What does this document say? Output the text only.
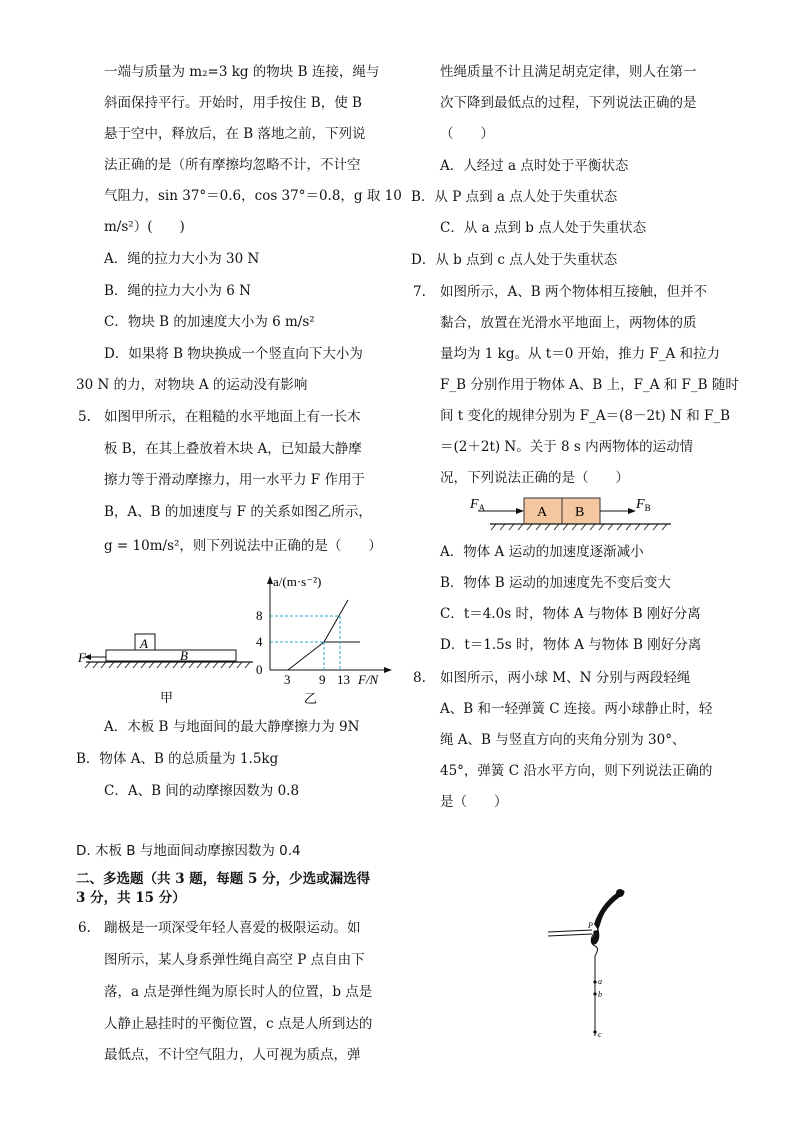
一端与质量为 m₂=3 kg 的物块 B 连接，绳与
斜面保持平行。开始时，用手按住 B，使 B
悬于空中，释放后，在 B 落地之前，下列说
法正确的是（所有摩擦均忽略不计，不计空
气阻力，sin 37°＝0.6，cos 37°＝0.8，g 取 10
m/s²）(　　)
A．绳的拉力大小为 30 N
B．绳的拉力大小为 6 N
C．物块 B 的加速度大小为 6 m/s²
D．如果将 B 物块换成一个竖直向下大小为
30 N 的力，对物块 A 的运动没有影响
5. 如图甲所示，在粗糙的水平地面上有一长木
板 B，在其上叠放着木块 A，已知最大静摩
擦力等于滑动摩擦力，用一水平力 F 作用于
B，A、B 的加速度与 F 的关系如图乙所示，
g = 10m/s²，则下列说法中正确的是（　　）
A
B
F
甲
a/(m·s⁻²)
F/N
8
4
0
3 9 13
乙
A．木板 B 与地面间的最大静摩擦力为 9N
B．物体 A、B 的总质量为 1.5kg
C．A、B 间的动摩擦因数为 0.8
D. 木板 B 与地面间动摩擦因数为 0.4
二、多选题（共 3 题，每题 5 分，少选或漏选得
3 分，共 15 分）
6. 蹦极是一项深受年轻人喜爱的极限运动。如
图所示，某人身系弹性绳自高空 P 点自由下
落，a 点是弹性绳为原长时人的位置，b 点是
人静止悬挂时的平衡位置，c 点是人所到达的
最低点，不计空气阻力，人可视为质点，弹
性绳质量不计且满足胡克定律，则人在第一
次下降到最低点的过程，下列说法正确的是
（　　）
A．人经过 a 点时处于平衡状态
B．从 P 点到 a 点人处于失重状态
C．从 a 点到 b 点人处于失重状态
D．从 b 点到 c 点人处于失重状态
7. 如图所示，A、B 两个物体相互接触，但并不
黏合，放置在光滑水平地面上，两物体的质
量均为 1 kg。从 t＝0 开始，推力 F_A 和拉力
F_B 分别作用于物体 A、B 上，F_A 和 F_B 随时
间 t 变化的规律分别为 F_A＝(8－2t) N 和 F_B
＝(2＋2t) N。关于 8 s 内两物体的运动情
况，下列说法正确的是（　　）
$F_A$	A B
$F_B$
A．物体 A 运动的加速度逐渐减小
B．物体 B 运动的加速度先不变后变大
C．t＝4.0s 时，物体 A 与物体 B 刚好分离
D．t＝1.5s 时，物体 A 与物体 B 刚好分离
8. 如图所示，两小球 M、N 分别与两段轻绳
A、B 和一轻弹簧 C 连接。两小球静止时，轻
绳 A、B 与竖直方向的夹角分别为 30°、
45°，弹簧 C 沿水平方向，则下列说法正确的
是（　　）
P
a
b
c
